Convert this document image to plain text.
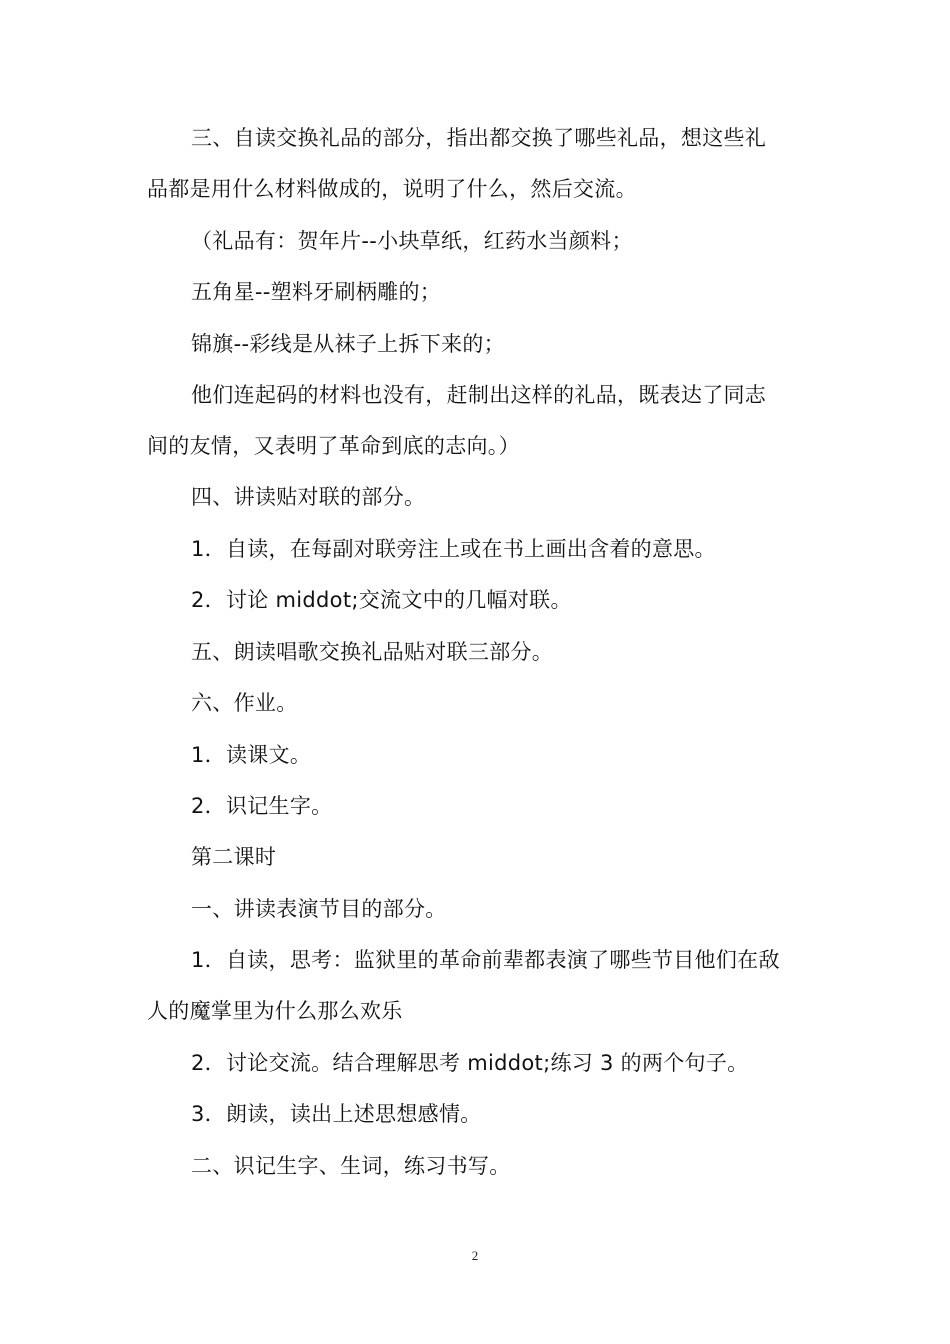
三、自读交换礼品的部分，指出都交换了哪些礼品，想这些礼
品都是用什么材料做成的，说明了什么，然后交流。
（礼品有：贺年片--小块草纸，红药水当颜料；
五角星--塑料牙刷柄雕的；
锦旗--彩线是从袜子上拆下来的；
他们连起码的材料也没有，赶制出这样的礼品，既表达了同志
间的友情，又表明了革命到底的志向。）
四、讲读贴对联的部分。
1．自读，在每副对联旁注上或在书上画出含着的意思。
2．讨论 middot;交流文中的几幅对联。
五、朗读唱歌交换礼品贴对联三部分。
六、作业。
1．读课文。
2．识记生字。
第二课时
一、讲读表演节目的部分。
1．自读，思考：监狱里的革命前辈都表演了哪些节目他们在敌
人的魔掌里为什么那么欢乐
2．讨论交流。结合理解思考 middot;练习 3 的两个句子。
3．朗读，读出上述思想感情。
二、识记生字、生词，练习书写。
2
